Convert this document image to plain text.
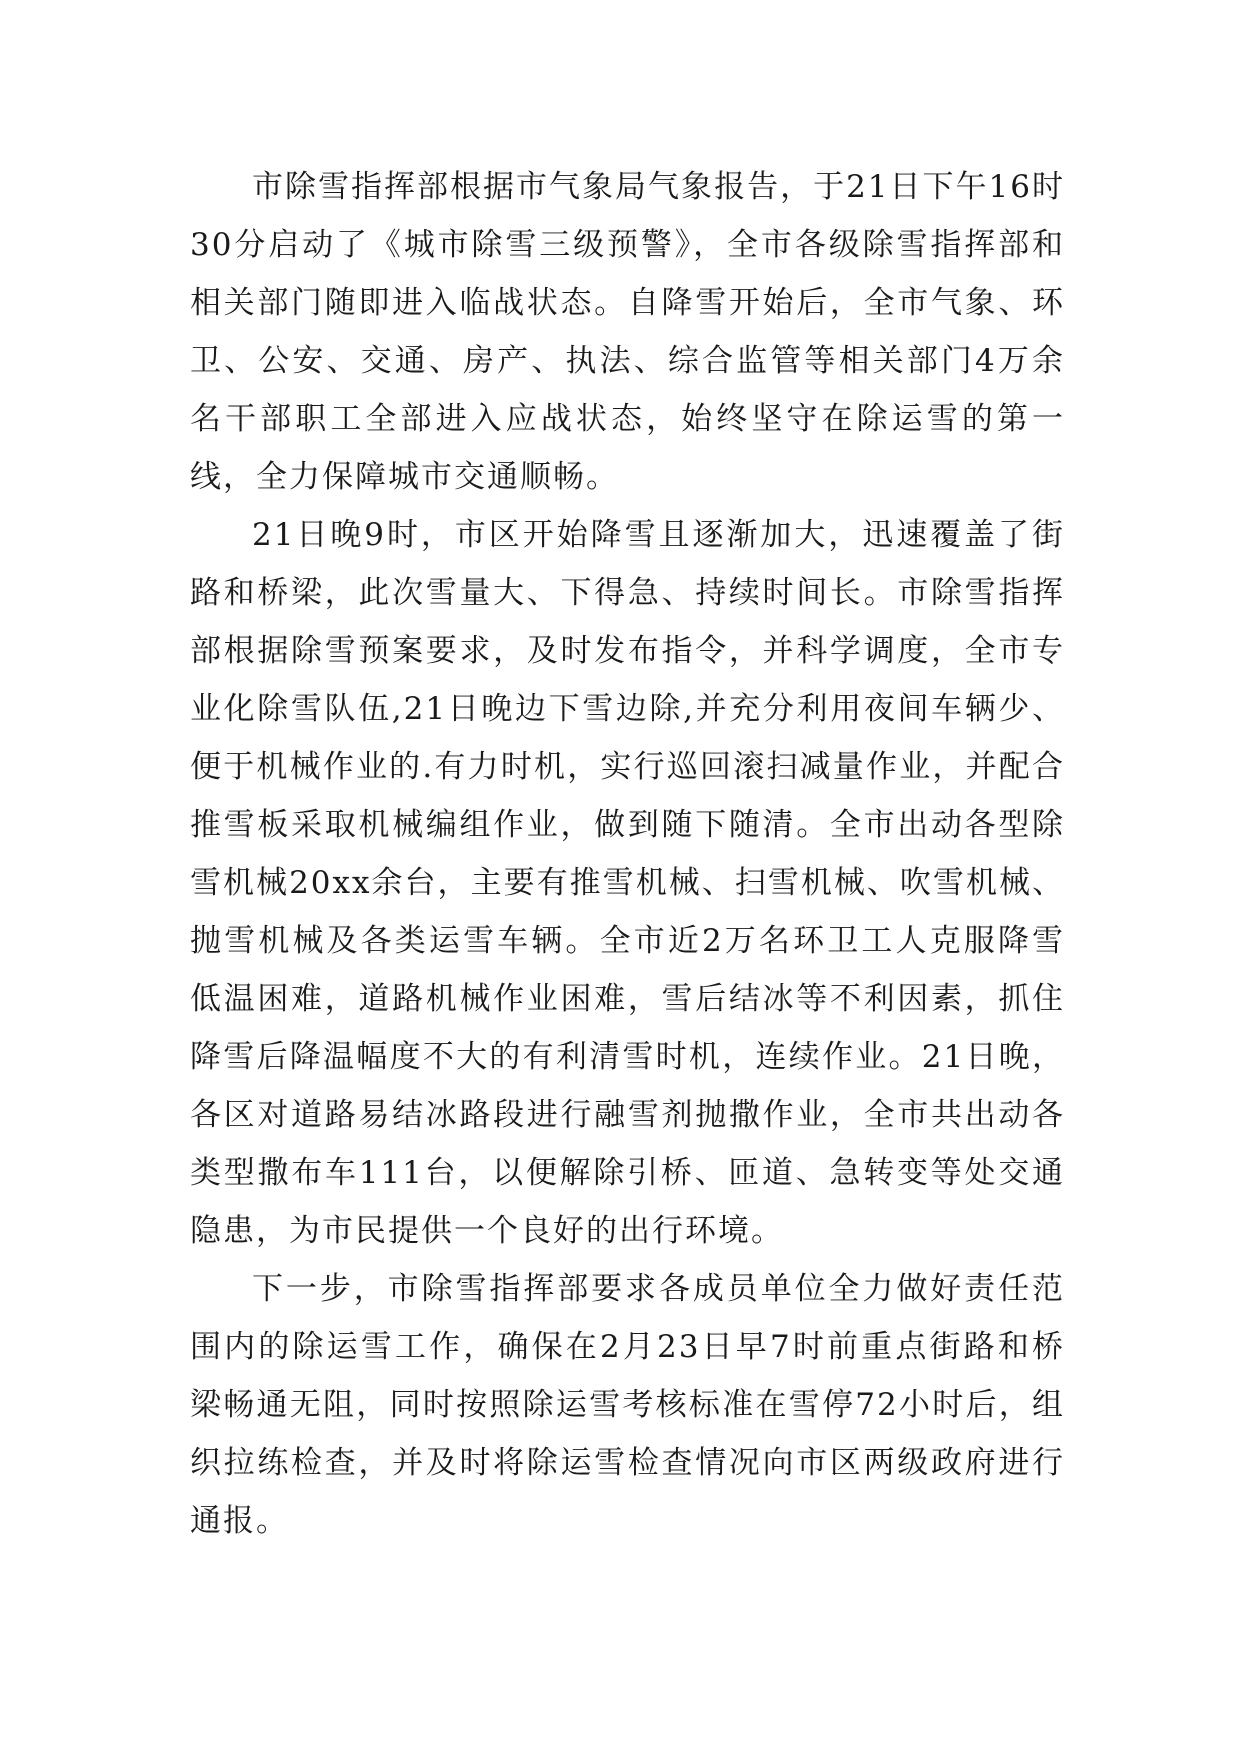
市除雪指挥部根据市气象局气象报告，于21日下午16时30分启动了《城市除雪三级预警》，全市各级除雪指挥部和相关部门随即进入临战状态。自降雪开始后，全市气象、环卫、公安、交通、房产、执法、综合监管等相关部门4万余名干部职工全部进入应战状态，始终坚守在除运雪的第一线，全力保障城市交通顺畅。

21日晚9时，市区开始降雪且逐渐加大，迅速覆盖了街路和桥梁，此次雪量大、下得急、持续时间长。市除雪指挥部根据除雪预案要求，及时发布指令，并科学调度，全市专业化除雪队伍,21日晚边下雪边除,并充分利用夜间车辆少、便于机械作业的.有力时机，实行巡回滚扫减量作业，并配合推雪板采取机械编组作业，做到随下随清。全市出动各型除雪机械20xx余台，主要有推雪机械、扫雪机械、吹雪机械、抛雪机械及各类运雪车辆。全市近2万名环卫工人克服降雪低温困难，道路机械作业困难，雪后结冰等不利因素，抓住降雪后降温幅度不大的有利清雪时机，连续作业。21日晚，各区对道路易结冰路段进行融雪剂抛撒作业，全市共出动各类型撒布车111台，以便解除引桥、匝道、急转变等处交通隐患，为市民提供一个良好的出行环境。

下一步，市除雪指挥部要求各成员单位全力做好责任范围内的除运雪工作，确保在2月23日早7时前重点街路和桥梁畅通无阻，同时按照除运雪考核标准在雪停72小时后，组织拉练检查，并及时将除运雪检查情况向市区两级政府进行通报。
